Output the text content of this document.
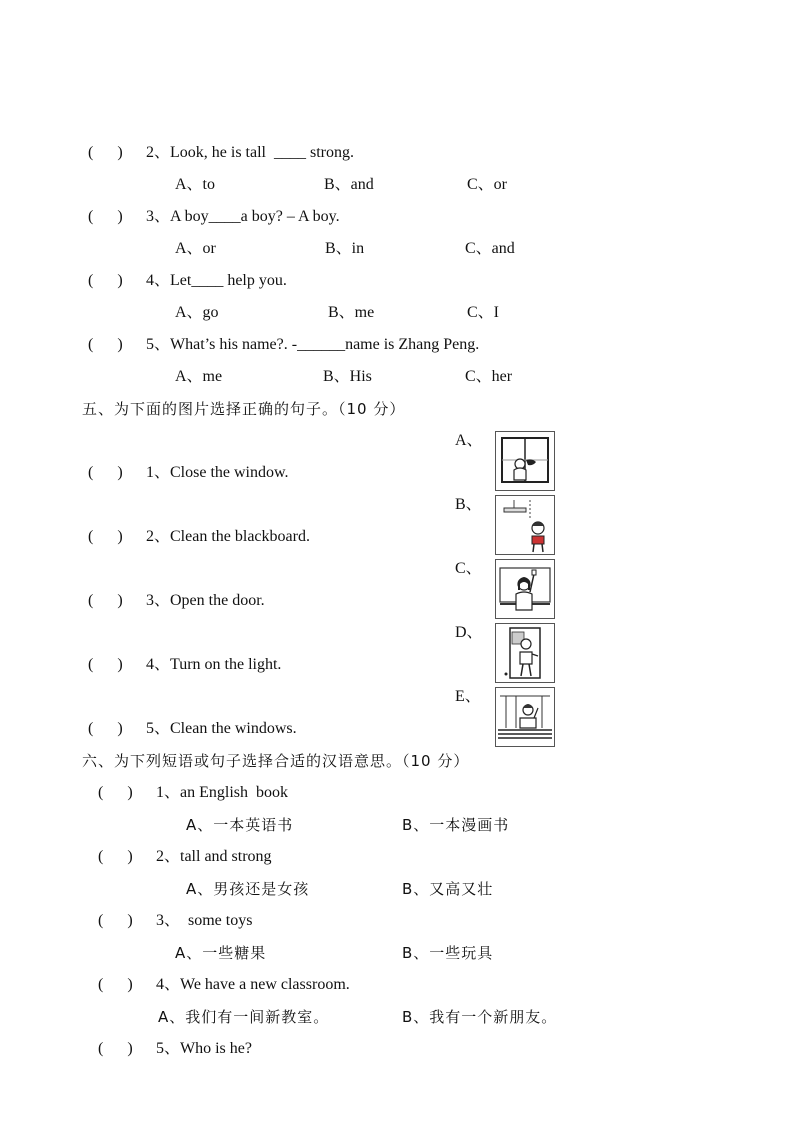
(      ) 2、Look, he is tall  ____ strong.
A、to	B、and	C、or
(      ) 3、A boy____a boy? – A boy.
A、or	B、in	C、and
(      ) 4、Let____ help you.
A、go	B、me	C、I
(      ) 5、What’s his name?. -______name is Zhang Peng.
A、me	B、His	C、her
五、为下面的图片选择正确的句子。（10 分）
A、
B、
C、
D、
E、
(      ) 1、Close the window.
(      ) 2、Clean the blackboard.
(      ) 3、Open the door.
(      ) 4、Turn on the light.
(      ) 5、Clean the windows.
六、为下列短语或句子选择合适的汉语意思。（10 分）
(      ) 1、an English  book
A、一本英语书	B、一本漫画书
(      ) 2、tall and strong
A、男孩还是女孩	B、又高又壮
(      ) 3、  some toys
A、一些糖果	B、一些玩具
(      ) 4、We have a new classroom.
A、我们有一间新教室。	B、我有一个新朋友。
(      ) 5、Who is he?
